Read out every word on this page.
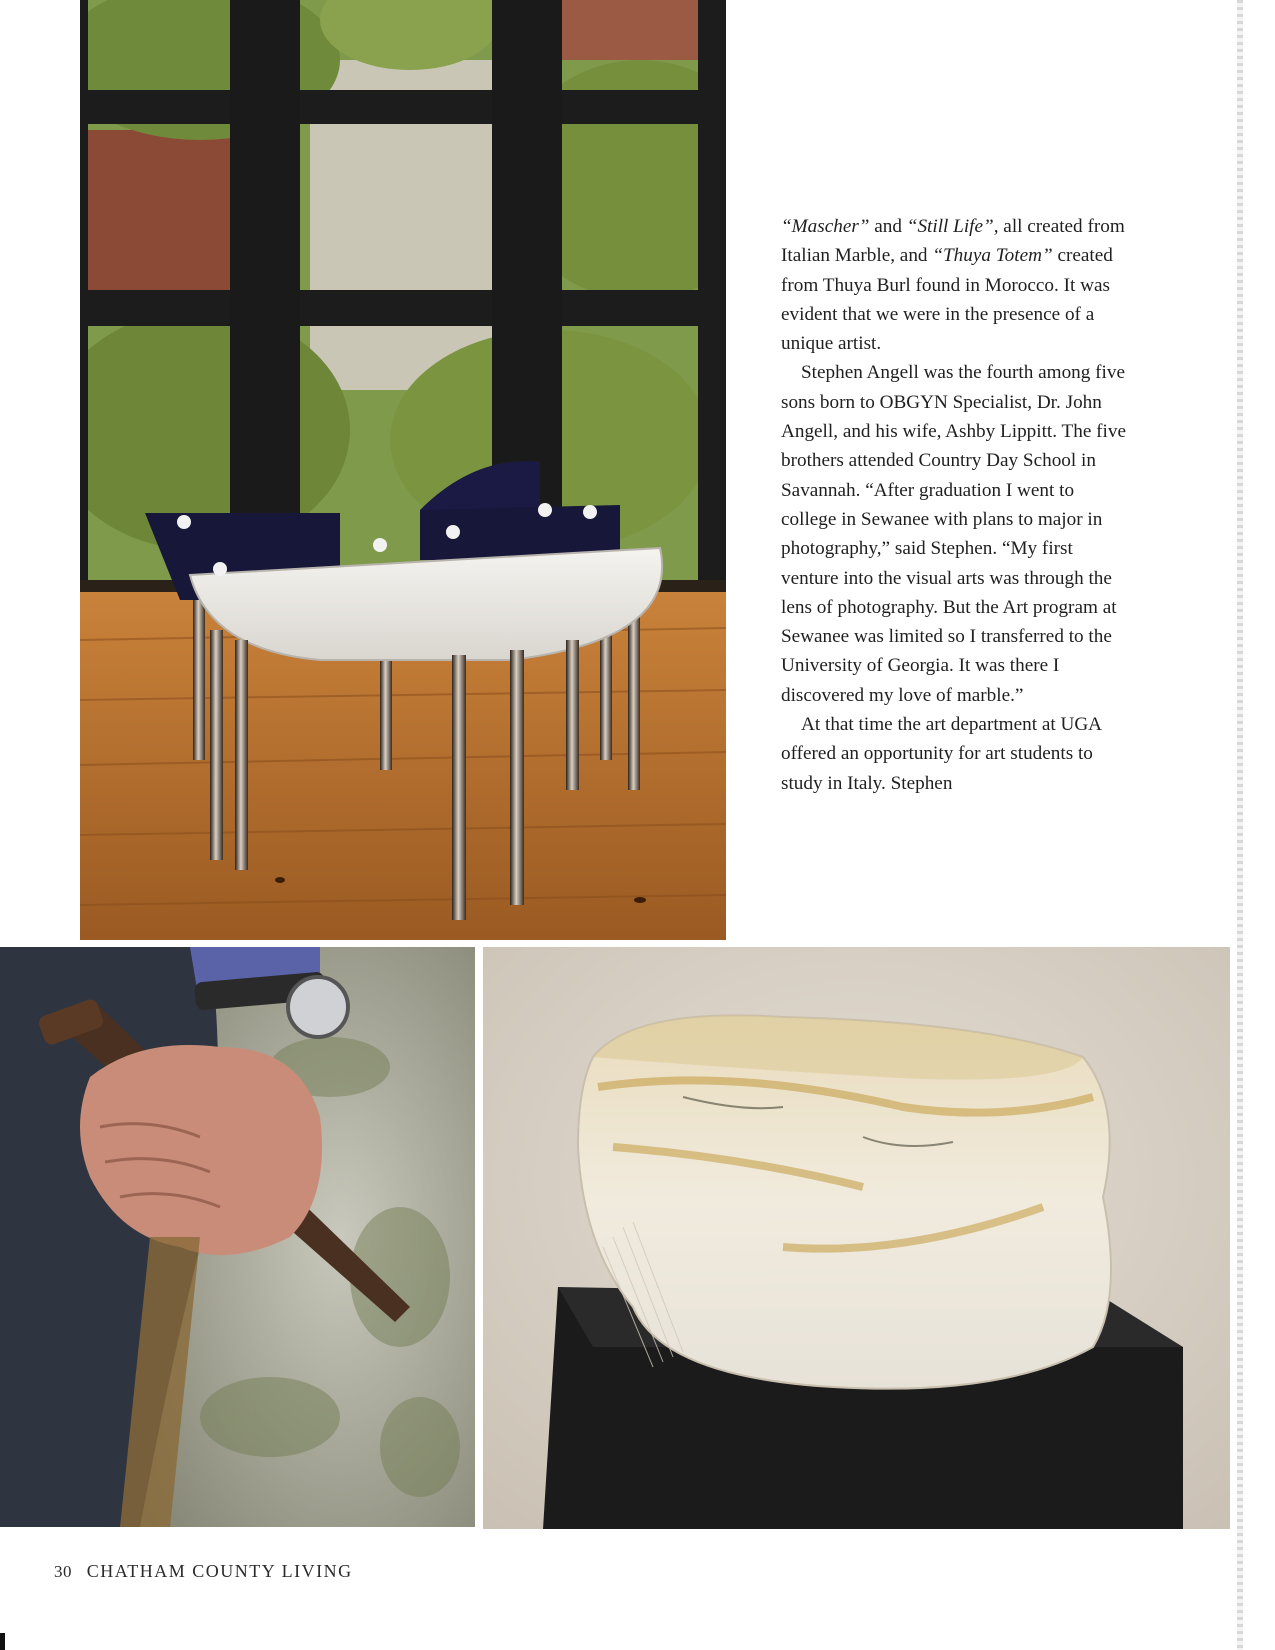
“Mascher” and “Still Life”, all created from Italian Marble, and “Thuya Totem” created from Thuya Burl found in Morocco. It was evident that we were in the presence of a unique artist.

Stephen Angell was the fourth among five sons born to OBGYN Specialist, Dr. John Angell, and his wife, Ashby Lippitt. The five brothers attended Country Day School in Savannah. “After graduation I went to college in Sewanee with plans to major in photography,” said Stephen. “My first venture into the visual arts was through the lens of photography. But the Art program at Sewanee was limited so I transferred to the University of Georgia. It was there I discovered my love of marble.”

At that time the art department at UGA offered an opportunity for art students to study in Italy. Stephen

30 CHATHAM COUNTY LIVING
